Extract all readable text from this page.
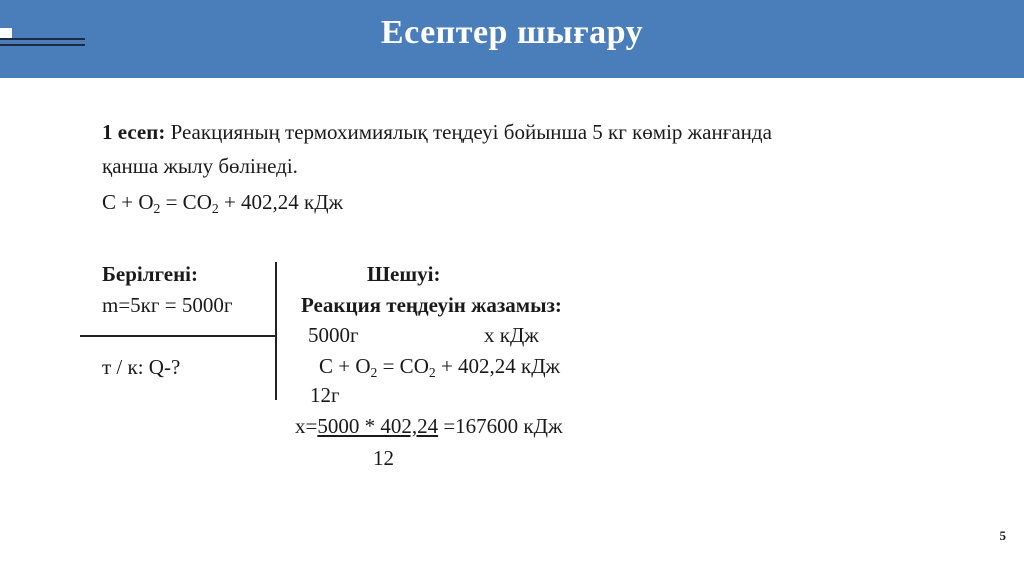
Есептер шығару
1 есеп: Реакцияның термохимиялық теңдеуі бойынша 5 кг көмір жанғанда
қанша жылу бөлінеді.
$C + O_2 = CO_2 + 402,24$ кДж
Берілгені:
m=5кг = 5000г
т / к: Q-?
Шешуі:
Реакция теңдеуін жазамыз:
5000г	х кДж
$C + O_2 = CO_2 + 402,24$ кДж
12г
х=5000 * 402,24 =167600 кДж
12
5
